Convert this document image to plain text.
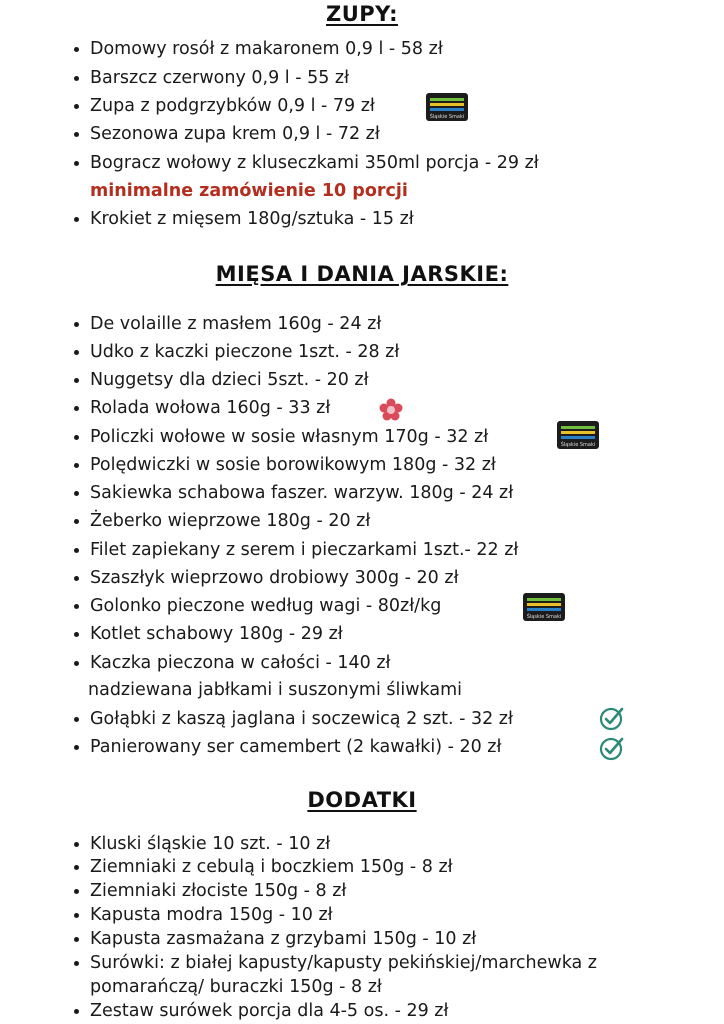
ZUPY:
Domowy rosół z makaronem 0,9 l - 58 zł
Barszcz czerwony 0,9 l - 55 zł
Zupa z podgrzybków 0,9 l - 79 zł
Śląskie Smaki
Sezonowa zupa krem 0,9 l - 72 zł
Bogracz wołowy z kluseczkami 350ml porcja - 29 zł
minimalne zamówienie 10 porcji
Krokiet z mięsem 180g/sztuka - 15 zł
MIĘSA I DANIA JARSKIE:
De volaille z masłem 160g - 24 zł
Udko z kaczki pieczone 1szt. - 28 zł
Nuggetsy dla dzieci 5szt. - 20 zł
Rolada wołowa 160g - 33 zł
Policzki wołowe w sosie własnym 170g - 32 zł	Śląskie Smaki
Polędwiczki w sosie borowikowym 180g - 32 zł
Sakiewka schabowa faszer. warzyw. 180g - 24 zł
Żeberko wieprzowe 180g - 20 zł
Filet zapiekany z serem i pieczarkami 1szt.- 22 zł
Szaszłyk wieprzowo drobiowy 300g - 20 zł
Golonko pieczone według wagi - 80zł/kg
Śląskie Smaki
Kotlet schabowy 180g - 29 zł
Kaczka pieczona w całości - 140 zł
nadziewana jabłkami i suszonymi śliwkami
Gołąbki z kaszą jaglana i soczewicą 2 szt. - 32 zł
Panierowany ser camembert (2 kawałki) - 20 zł
DODATKI
Kluski śląskie 10 szt. - 10 zł
Ziemniaki z cebulą i boczkiem 150g - 8 zł
Ziemniaki złociste 150g - 8 zł
Kapusta modra 150g - 10 zł
Kapusta zasmażana z grzybami 150g - 10 zł
Surówki: z białej kapusty/kapusty pekińskiej/marchewka z
pomarańczą/ buraczki 150g - 8 zł
Zestaw surówek porcja dla 4-5 os. - 29 zł
